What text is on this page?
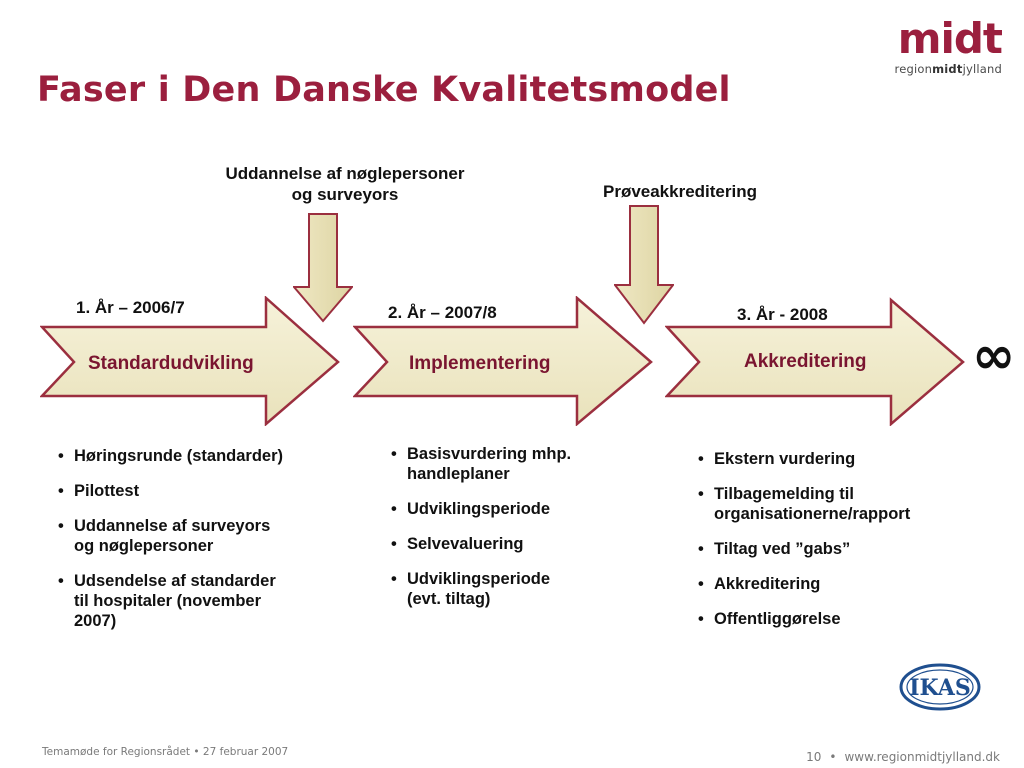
Faser i Den Danske Kvalitetsmodel
midt
regionmidtjylland
Uddannelse af nøglepersoner
og surveyors	Prøveakkreditering
1. År – 2006/7	2. År – 2007/8	3. År - 2008
Standardudvikling	Implementering	Akkreditering ∞
• Høringsrunde (standarder)
• Pilottest
• Uddannelse af surveyors
og nøglepersoner
• Udsendelse af standarder
til hospitaler (november
2007)
• Basisvurdering mhp.
handleplaner
• Udviklingsperiode
• Selvevaluering
• Udviklingsperiode
(evt. tiltag)
• Ekstern vurdering
• Tilbagemelding til
organisationerne/rapport
• Tiltag ved ”gabs”
• Akkreditering
• Offentliggørelse
IKAS
Temamøde for Regionsrådet • 27 februar 2007	10 • www.regionmidtjylland.dk
